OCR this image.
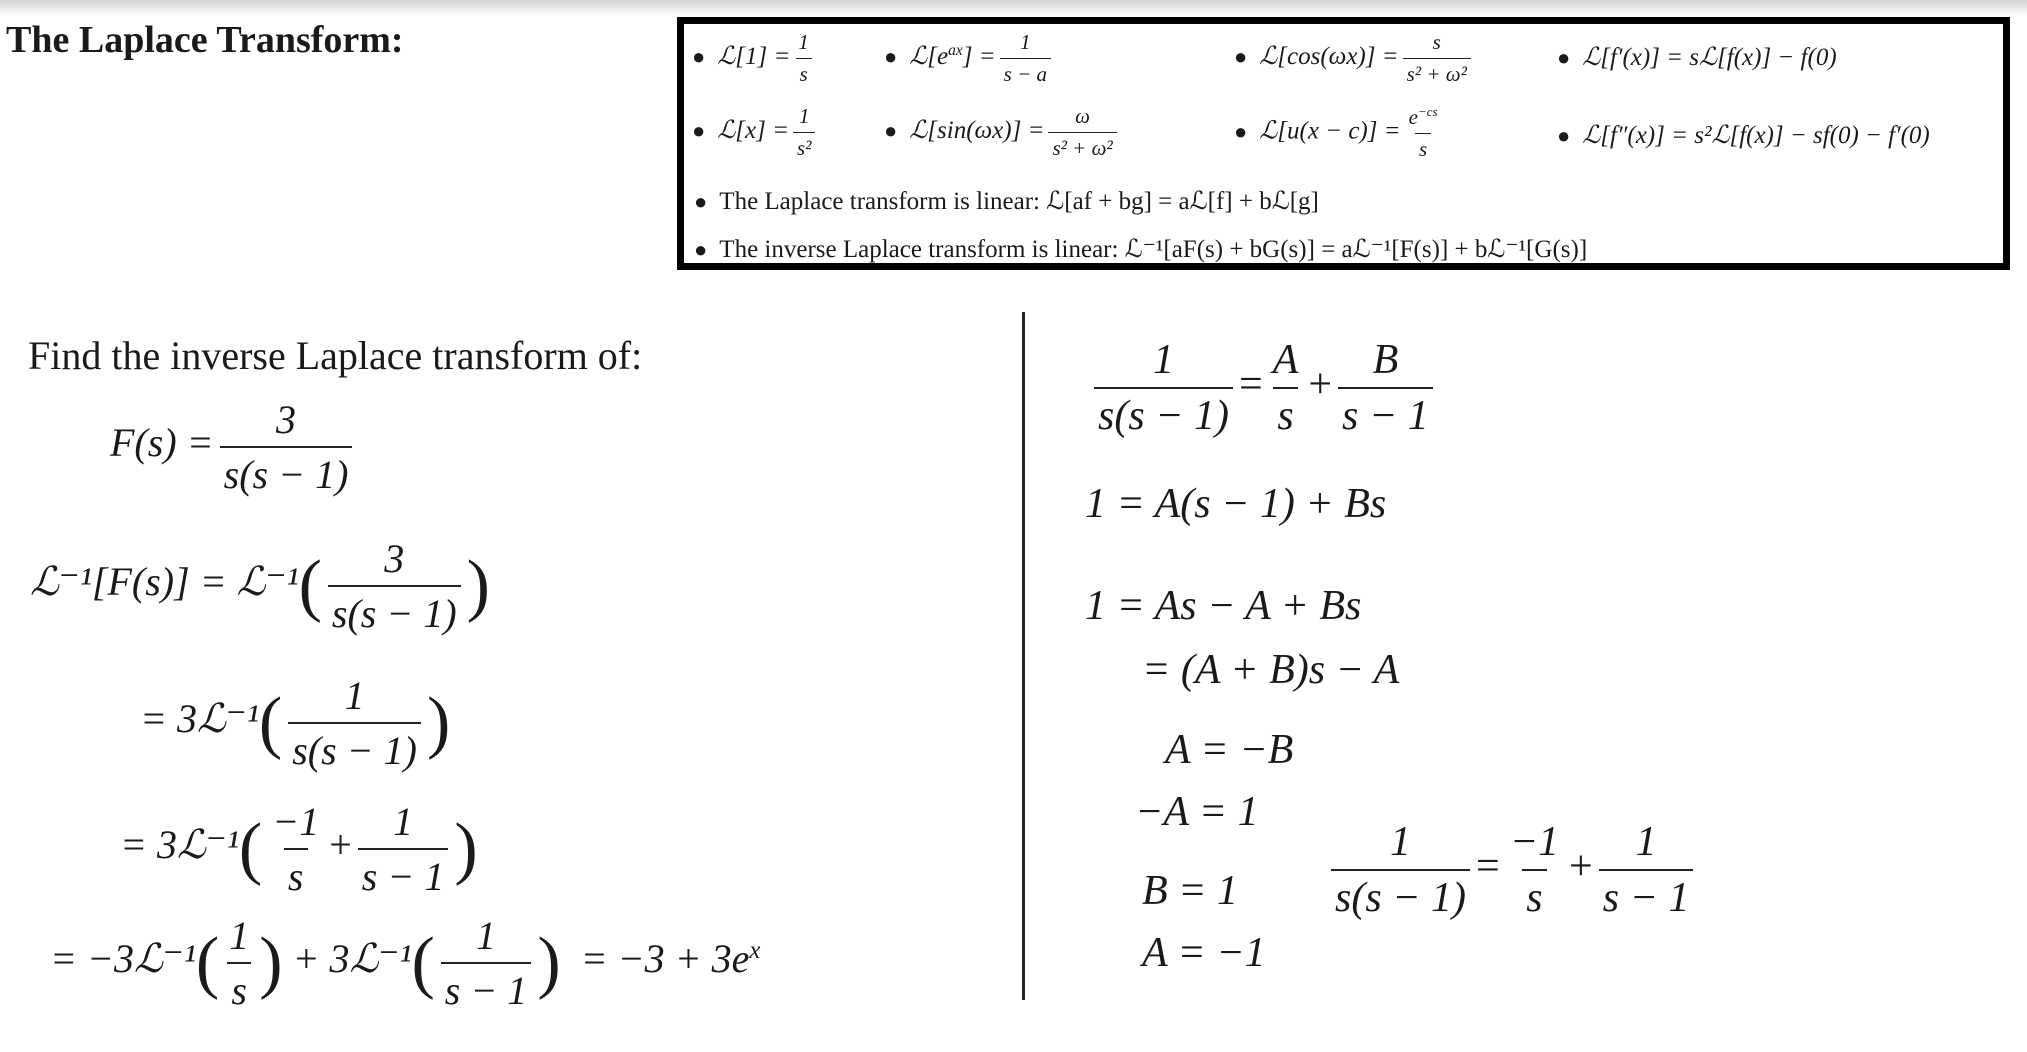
The Laplace Transform:	● ℒ[1] = $\frac{1}{s}$	● $ℒ[e^{ax}] = \frac{1}{s - a}$	● ℒ[cos(ωx)] = $\frac{s}{\text{s² + ω²}}$	● ℒ[f′(x)] = sℒ[f(x)] − f(0)
● ℒ[x] = $\frac{1}{\text{s²}}$	● ℒ[sin(ωx)] = $\frac{\omega}{\text{s² + ω²}}$	● ℒ[u(x − $c)] = \frac{e^{-cs}}{s}$	● ℒ[f″(x)] = s²ℒ[f(x)] − sf(0) − f′(0)
● The Laplace transform is linear: ℒ[af + bg] = aℒ[f] + bℒ[g]
● The inverse Laplace transform is linear: ℒ⁻¹[aF(s) + bG(s)] = aℒ⁻¹[F(s)] + bℒ⁻¹[G(s)]
Find the inverse Laplace transform of:
$F(s) = \frac{3}{s(s - 1)}$
ℒ⁻¹[F(s)] = ℒ⁻¹( $\frac{3}{s(s - 1)}$ )
= 3ℒ⁻¹( $\frac{1}{s(s - 1)}$ )
= 3ℒ⁻¹( $\frac{-1}{s} + \frac{1}{s - 1}$ )
= −3ℒ⁻¹( $\frac{1}{s}$ ) + 3ℒ⁻¹( $\frac{1}{s - 1}$ ) = $-3 + 3e^x$
$\frac{1}{s(s - 1)} = \frac{A}{s} + \frac{B}{s - 1}$
1 = A(s − 1) + Bs
1 = As − A + Bs
= (A + B)s − A
A = −B
−A = 1
B = 1
A = −1
$\frac{1}{s(s - 1)} = \frac{-1}{s} + \frac{1}{s - 1}$
